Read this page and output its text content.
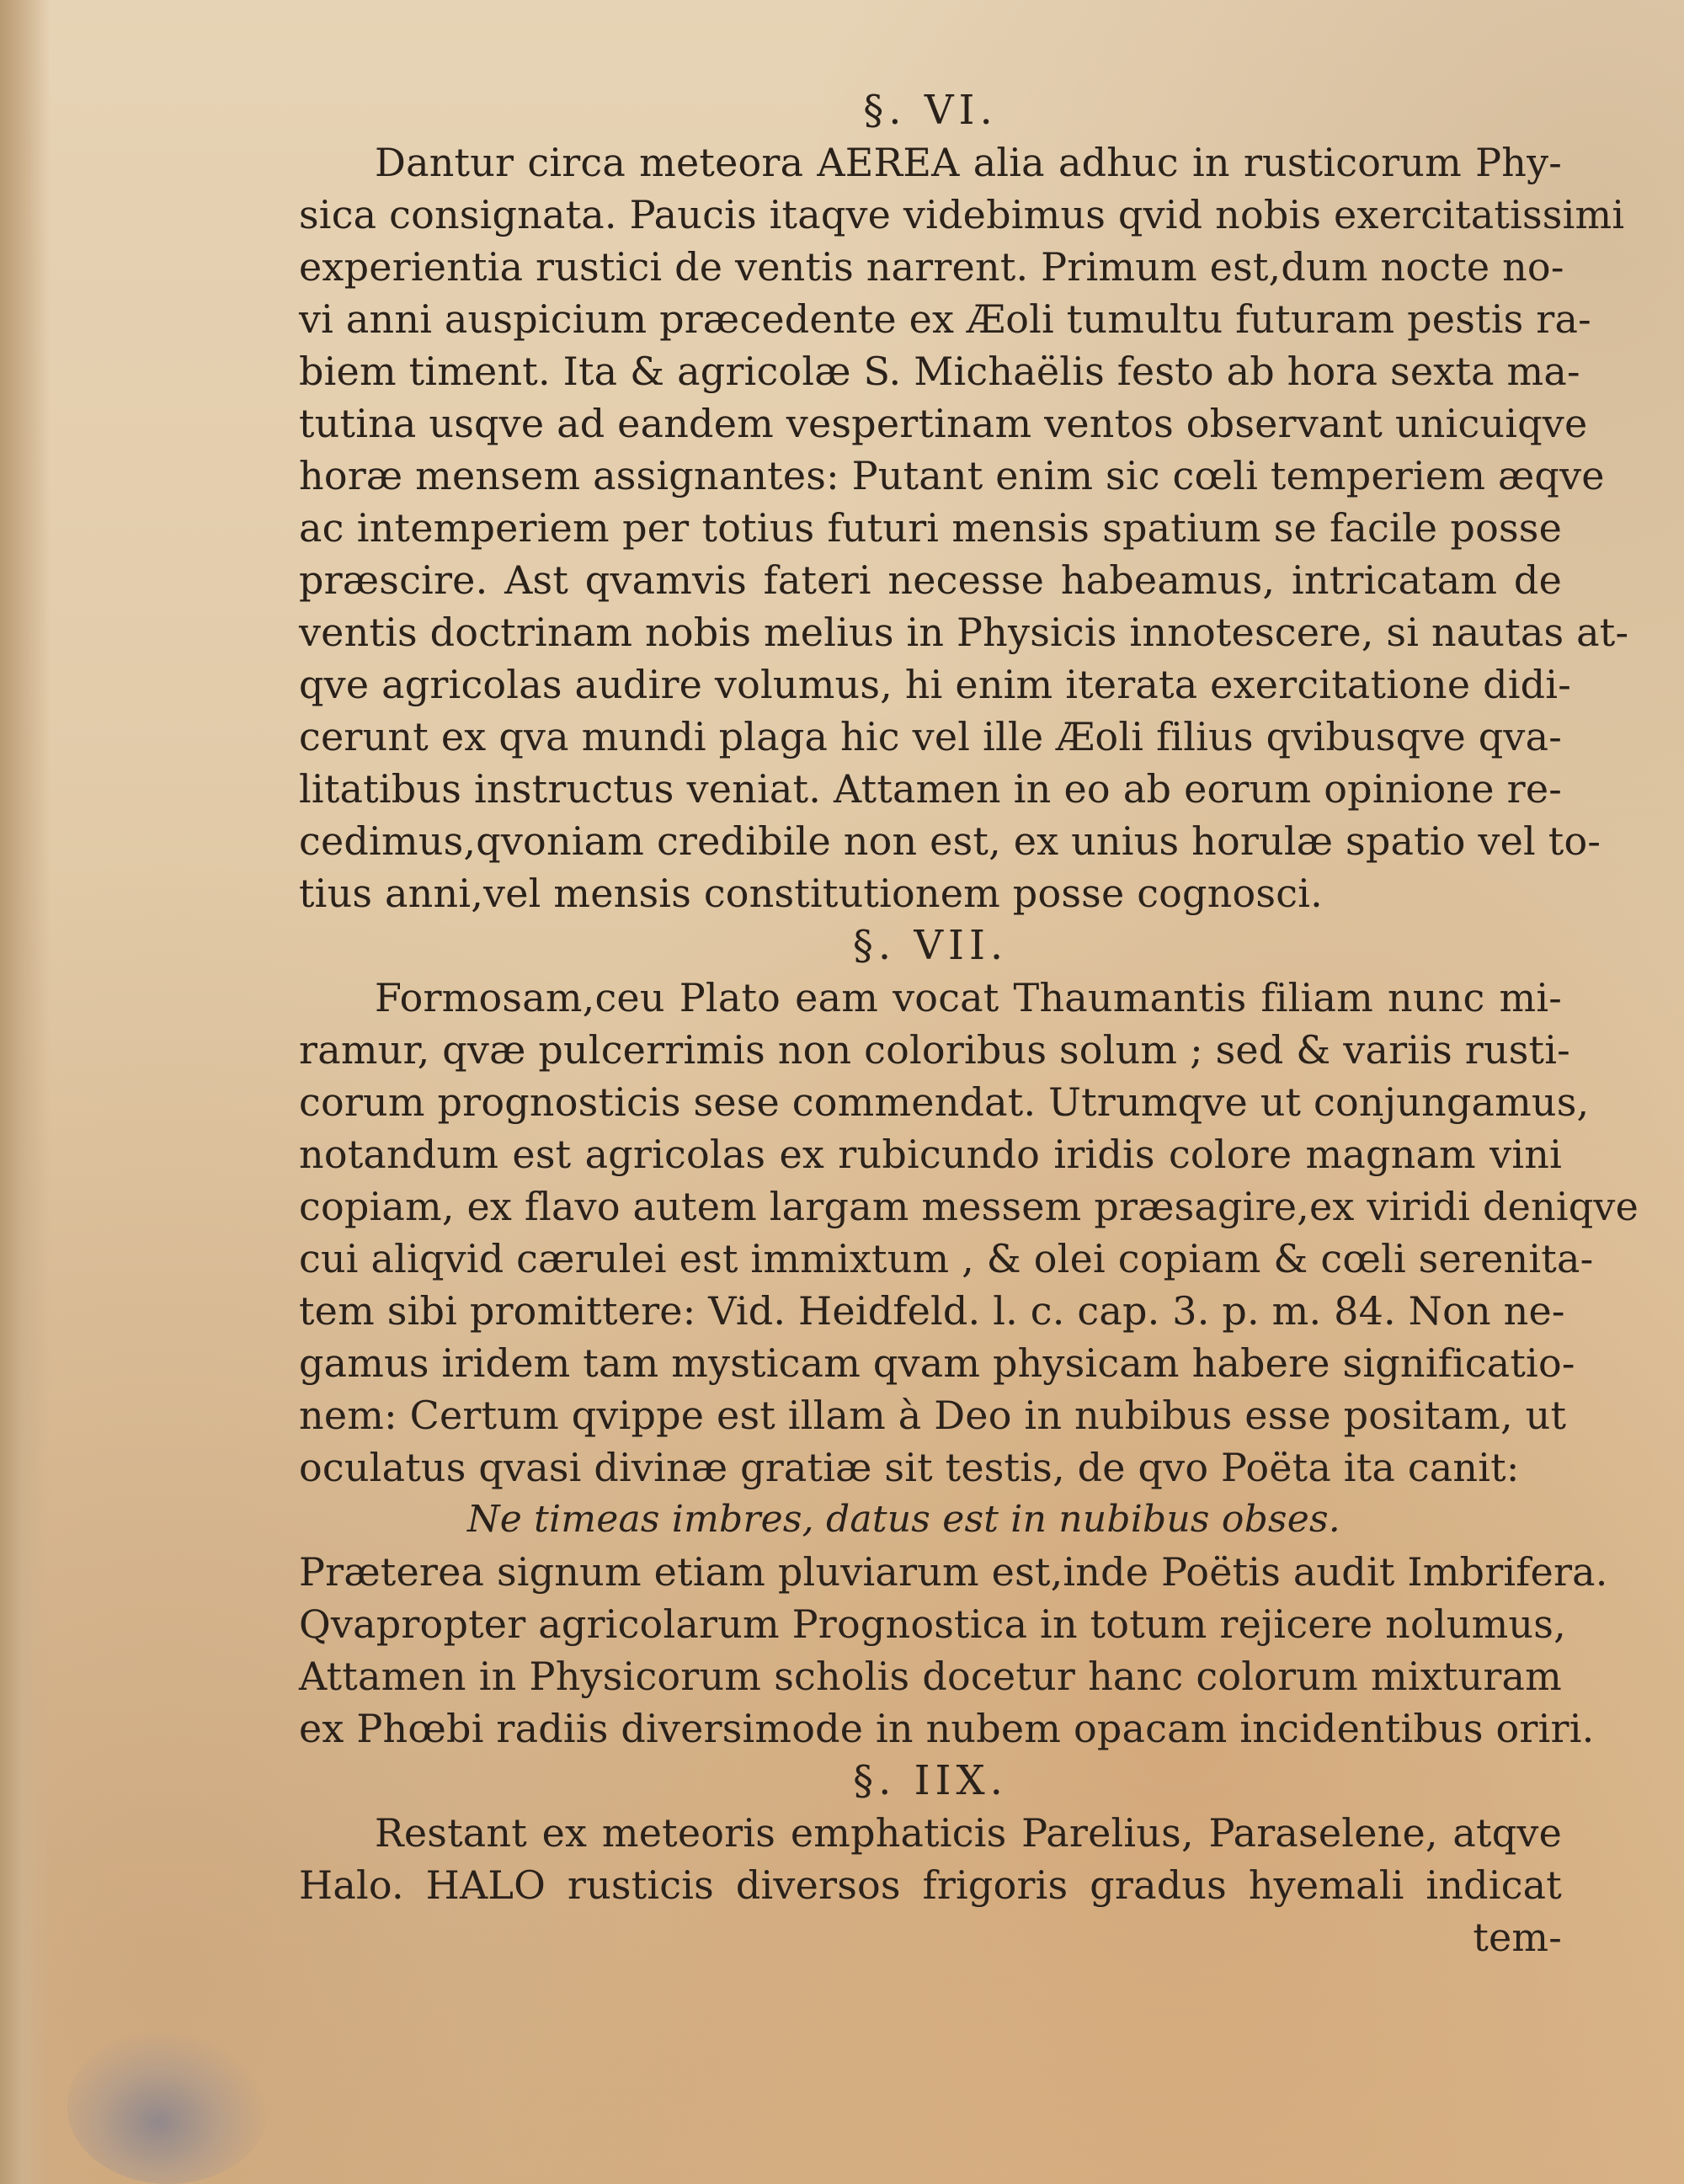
§. VI.
Dantur circa meteora AEREA alia adhuc in rusticorum Phy-
sica consignata. Paucis itaqve videbimus qvid nobis exercitatissimi
experientia rustici de ventis narrent. Primum est,dum nocte no-
vi anni auspicium præcedente ex Æoli tumultu futuram pestis ra-
biem timent. Ita & agricolæ S. Michaëlis festo ab hora sexta ma-
tutina usqve ad eandem vespertinam ventos observant unicuiqve
horæ mensem assignantes: Putant enim sic cœli temperiem æqve
ac intemperiem per totius futuri mensis spatium se facile posse
præscire. Ast qvamvis fateri necesse habeamus, intricatam de
ventis doctrinam nobis melius in Physicis innotescere, si nautas at-
qve agricolas audire volumus, hi enim iterata exercitatione didi-
cerunt ex qva mundi plaga hic vel ille Æoli filius qvibusqve qva-
litatibus instructus veniat. Attamen in eo ab eorum opinione re-
cedimus,qvoniam credibile non est, ex unius horulæ spatio vel to-
tius anni,vel mensis constitutionem posse cognosci.
§. VII.
Formosam,ceu Plato eam vocat Thaumantis filiam nunc mi-
ramur, qvæ pulcerrimis non coloribus solum ; sed & variis rusti-
corum prognosticis sese commendat. Utrumqve ut conjungamus,
notandum est agricolas ex rubicundo iridis colore magnam vini
copiam, ex flavo autem largam messem præsagire,ex viridi deniqve
cui aliqvid cærulei est immixtum , & olei copiam & cœli serenita-
tem sibi promittere: Vid. Heidfeld. l. c. cap. 3. p. m. 84. Non ne-
gamus iridem tam mysticam qvam physicam habere significatio-
nem: Certum qvippe est illam à Deo in nubibus esse positam, ut
oculatus qvasi divinæ gratiæ sit testis, de qvo Poëta ita canit:
Ne timeas imbres, datus est in nubibus obses.
Præterea signum etiam pluviarum est,inde Poëtis audit Imbrifera.
Qvapropter agricolarum Prognostica in totum rejicere nolumus,
Attamen in Physicorum scholis docetur hanc colorum mixturam
ex Phœbi radiis diversimode in nubem opacam incidentibus oriri.
§. IIX.
Restant ex meteoris emphaticis Parelius, Paraselene, atqve
Halo. HALO rusticis diversos frigoris gradus hyemali indicat
tem-
